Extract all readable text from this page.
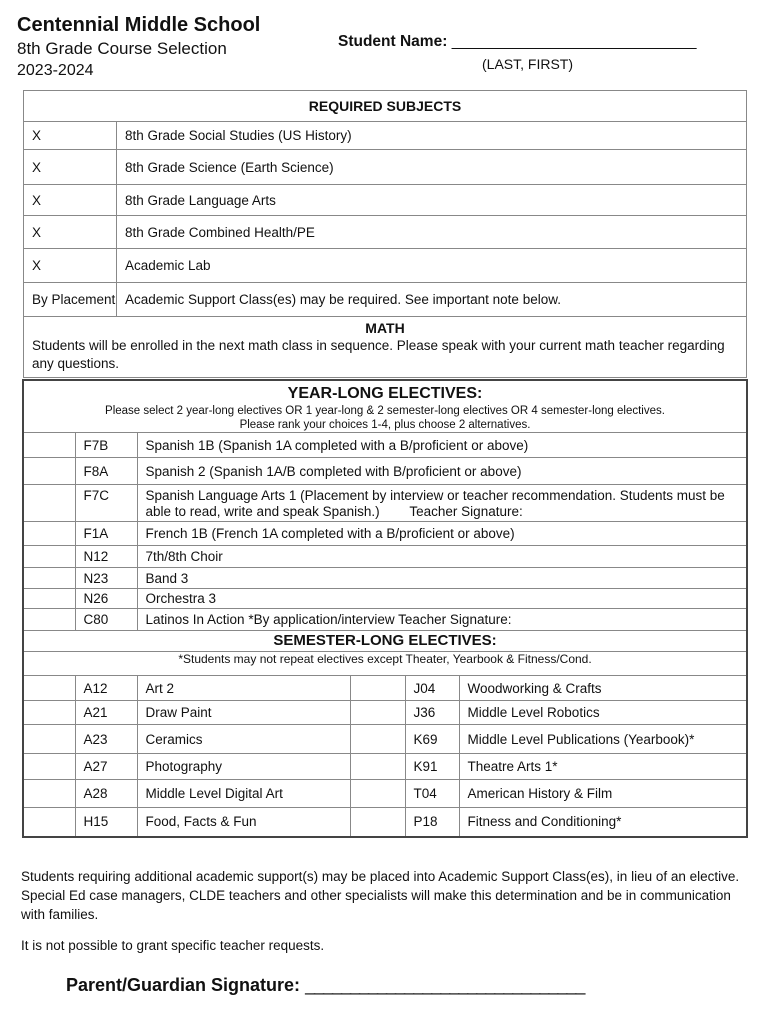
Centennial Middle School
8th Grade Course Selection
2023-2024
Student Name: ________________________________
(LAST, FIRST)
REQUIRED SUBJECTS	
X	8th Grade Social Studies (US History)
X	8th Grade Science (Earth Science)
X	8th Grade Language Arts
X	8th Grade Combined Health/PE
X	Academic Lab
By Placement	Academic Support Class(es) may be required. See important note below.

MATH
Students will be enrolled in the next math class in sequence. Please speak with your current math teacher regarding any questions.	
YEAR-LONG ELECTIVES:
Please select 2 year-long electives OR 1 year-long & 2 semester-long electives OR 4 semester-long electives.
Please rank your choices 1-4, plus choose 2 alternatives.					

	F7B	Spanish 1B (Spanish 1A completed with a B/proficient or above)			
	F8A	Spanish 2 (Spanish 1A/B completed with B/proficient or above)			
	F7C	Spanish Language Arts 1 (Placement by interview or teacher recommendation. Students must be able to read, write and speak Spanish.)        Teacher Signature:			
	F1A	French 1B (French 1A completed with a B/proficient or above)			
	N12	7th/8th Choir			
	N23	Band 3			
	N26	Orchestra 3			
	C80	Latinos In Action *By application/interview Teacher Signature:			
SEMESTER-LONG ELECTIVES:					
*Students may not repeat electives except Theater, Yearbook & Fitness/Cond.					
	A12	Art 2		J04	Woodworking & Crafts
	A21	Draw Paint		J36	Middle Level Robotics
	A23	Ceramics		K69	Middle Level Publications (Yearbook)*
	A27	Photography		K91	Theatre Arts 1*
	A28	Middle Level Digital Art		T04	American History & Film
	H15	Food, Facts & Fun		P18	Fitness and Conditioning*
Students requiring additional academic support(s) may be placed into Academic Support Class(es), in lieu of an elective. Special Ed case managers, CLDE teachers and other specialists will make this determination and be in communication with families.
It is not possible to grant specific teacher requests.
Parent/Guardian Signature: _______________________________
